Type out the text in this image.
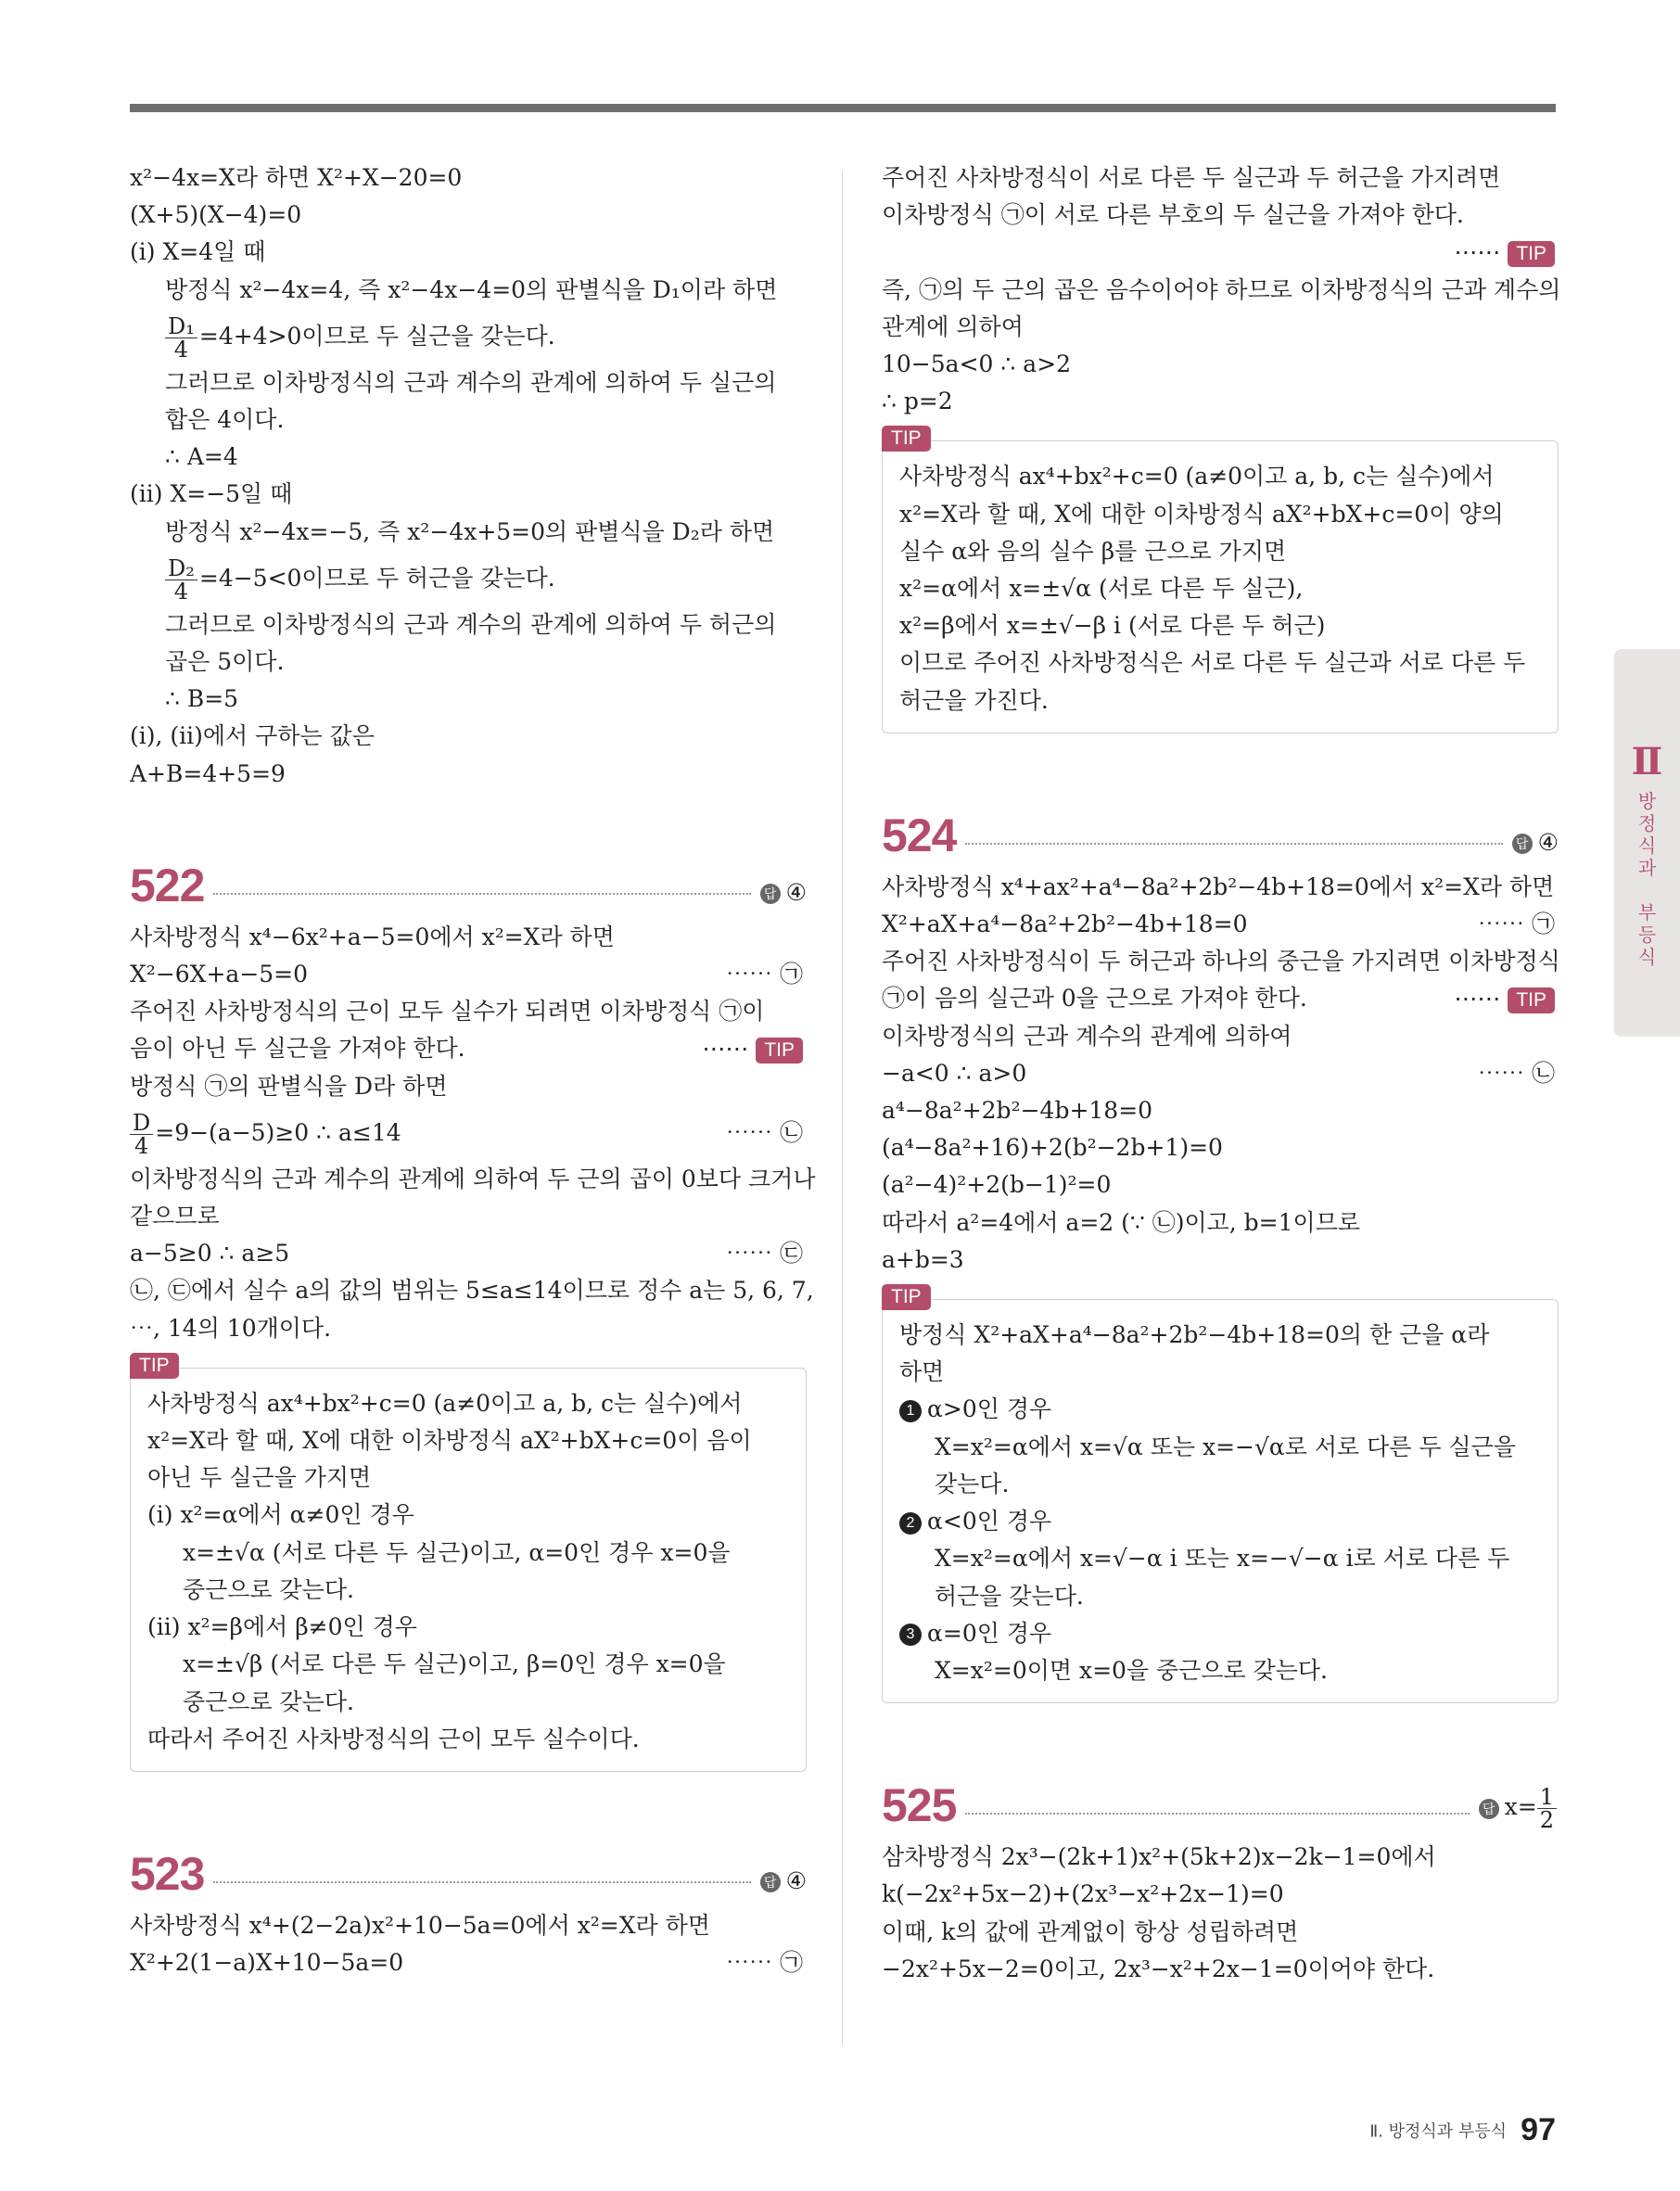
x²−4x=X라 하면 X²+X−20=0
(X+5)(X−4)=0
(i) X=4일 때
방정식 x²−4x=4, 즉 x²−4x−4=0의 판별식을 D₁이라 하면
$\frac{\text{D₁}}{4} =4+4>0$이므로 두 실근을 갖는다.
그러므로 이차방정식의 근과 계수의 관계에 의하여 두 실근의
합은 4이다.
∴ A=4
(ii) X=−5일 때
방정식 x²−4x=−5, 즉 x²−4x+5=0의 판별식을 D₂라 하면
$\frac{\text{D₂}}{4} =4-5<0$이므로 두 허근을 갖는다.
그러므로 이차방정식의 근과 계수의 관계에 의하여 두 허근의
곱은 5이다.
∴ B=5
(i), (ii)에서 구하는 값은
A+B=4+5=9
522	답 ④
사차방정식 x⁴−6x²+a−5=0에서 x²=X라 하면
X²−6X+a−5=0	⋯⋯ ㉠
주어진 사차방정식의 근이 모두 실수가 되려면 이차방정식 ㉠이
음이 아닌 두 실근을 가져야 한다.	⋯⋯ TIP
방정식 ㉠의 판별식을 D라 하면
$\frac{D}{4} =9-(a-5)\ge 0$ ∴ a≤14	⋯⋯ ㉡
이차방정식의 근과 계수의 관계에 의하여 두 근의 곱이 0보다 크거나
같으므로
a−5≥0 ∴ a≥5	⋯⋯ ㉢
㉡, ㉢에서 실수 a의 값의 범위는 5≤a≤14이므로 정수 a는 5, 6, 7,
⋯, 14의 10개이다.
TIP
사차방정식 ax⁴+bx²+c=0 (a≠0이고 a, b, c는 실수)에서
x²=X라 할 때, X에 대한 이차방정식 aX²+bX+c=0이 음이
아닌 두 실근을 가지면
(i) x²=α에서 α≠0인 경우
x=±√α (서로 다른 두 실근)이고, α=0인 경우 x=0을
중근으로 갖는다.
(ii) x²=β에서 β≠0인 경우
x=±√β (서로 다른 두 실근)이고, β=0인 경우 x=0을
중근으로 갖는다.
따라서 주어진 사차방정식의 근이 모두 실수이다.
523	답 ④
사차방정식 x⁴+(2−2a)x²+10−5a=0에서 x²=X라 하면
X²+2(1−a)X+10−5a=0	⋯⋯ ㉠
주어진 사차방정식이 서로 다른 두 실근과 두 허근을 가지려면
이차방정식 ㉠이 서로 다른 부호의 두 실근을 가져야 한다.

⋯⋯ TIP
즉, ㉠의 두 근의 곱은 음수이어야 하므로 이차방정식의 근과 계수의
관계에 의하여
10−5a<0 ∴ a>2
∴ p=2
TIP
사차방정식 ax⁴+bx²+c=0 (a≠0이고 a, b, c는 실수)에서
x²=X라 할 때, X에 대한 이차방정식 aX²+bX+c=0이 양의
실수 α와 음의 실수 β를 근으로 가지면
x²=α에서 x=±√α (서로 다른 두 실근),
x²=β에서 x=±√−β i (서로 다른 두 허근)
이므로 주어진 사차방정식은 서로 다른 두 실근과 서로 다른 두
허근을 가진다.
524	답 ④
사차방정식 x⁴+ax²+a⁴−8a²+2b²−4b+18=0에서 x²=X라 하면
X²+aX+a⁴−8a²+2b²−4b+18=0	⋯⋯ ㉠
주어진 사차방정식이 두 허근과 하나의 중근을 가지려면 이차방정식
㉠이 음의 실근과 0을 근으로 가져야 한다.	⋯⋯ TIP
이차방정식의 근과 계수의 관계에 의하여
−a<0 ∴ a>0	⋯⋯ ㉡
a⁴−8a²+2b²−4b+18=0
(a⁴−8a²+16)+2(b²−2b+1)=0
(a²−4)²+2(b−1)²=0
따라서 a²=4에서 a=2 (∵ ㉡)이고, b=1이므로
a+b=3
TIP
방정식 X²+aX+a⁴−8a²+2b²−4b+18=0의 한 근을 α라
하면
1 α>0인 경우
X=x²=α에서 x=√α 또는 x=−√α로 서로 다른 두 실근을
갖는다.
2 α<0인 경우
X=x²=α에서 x=√−α i 또는 x=−√−α i로 서로 다른 두
허근을 갖는다.
3 α=0인 경우
X=x²=0이면 x=0을 중근으로 갖는다.
525	답 $x= \frac{1}{2}$
삼차방정식 2x³−(2k+1)x²+(5k+2)x−2k−1=0에서
k(−2x²+5x−2)+(2x³−x²+2x−1)=0
이때, k의 값에 관계없이 항상 성립하려면
−2x²+5x−2=0이고, 2x³−x²+2x−1=0이어야 한다.
Ⅱ
방
정
식
과

부
등
식
Ⅱ. 방정식과 부등식 97
